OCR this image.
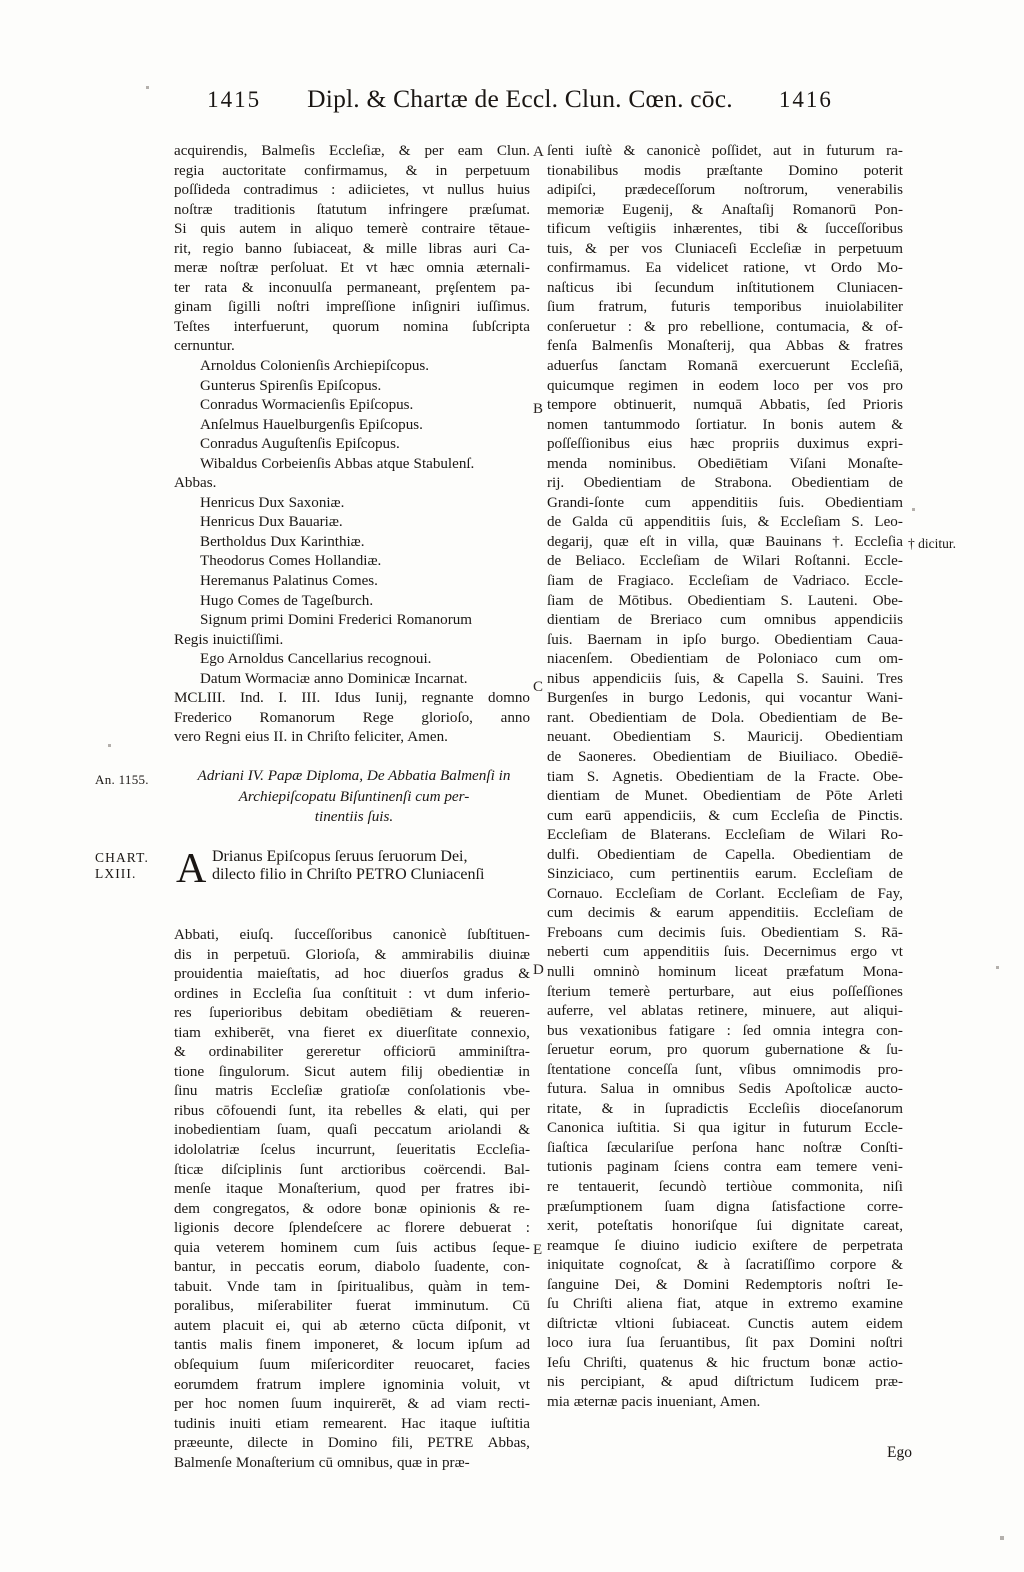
1415 Dipl. & Chartæ de Eccl. Clun. Cœn. cōc. 1416
An. 1155.
CHART.
LXIII.
† dicitur.
A
B
C
D
E

acquirendis, Balmeſis Eccleſiæ, & per eam Clun.
regia auctoritate confirmamus, & in perpetuum
poſſideda contradimus : adiicietes, vt nullus huius
noſtræ traditionis ſtatutum infringere præſumat.
Si quis autem in aliquo temerè contraire tētaue-
rit, regio banno ſubiaceat, & mille libras auri Ca-
meræ noſtræ perſoluat. Et vt hæc omnia æternali-
ter rata & inconuulſa permaneant, prȩſentem pa-
ginam ſigilli noſtri impreſſione inſigniri iuſſimus.
Teſtes interfuerunt, quorum nomina ſubſcripta
cernuntur.

Arnoldus Colonienſis Archiepiſcopus.
Gunterus Spirenſis Epiſcopus.
Conradus Wormacienſis Epiſcopus.
Anſelmus Hauelburgenſis Epiſcopus.
Conradus Auguſtenſis Epiſcopus.
Wibaldus Corbeienſis Abbas atque Stabulenſ.
Abbas.
Henricus Dux Saxoniæ.
Henricus Dux Bauariæ.
Bertholdus Dux Karinthiæ.
Theodorus Comes Hollandiæ.
Heremanus Palatinus Comes.
Hugo Comes de Tageſburch.
Signum primi Domini Frederici Romanorum
Regis inuictiſſimi.
Ego Arnoldus Cancellarius recognoui.
Datum Wormaciæ anno Dominicæ Incarnat.

MCLIII. Ind. I. III. Idus Iunij, regnante domno
Frederico Romanorum Rege glorioſo, anno
vero Regni eius II. in Chriſto feliciter, Amen.

Adriani IV. Papæ Diploma, De Abbatia Balmenſi in
Archiepiſcopatu Biſuntinenſi cum per-
tinentiis ſuis.
A Drianus Epiſcopus ſeruus ſeruorum Dei,
dilecto filio in Chriſto PETRO Cluniacenſi

Abbati, eiuſq. ſucceſſoribus canonicè ſubſtituen-
dis in perpetuū. Glorioſa, & ammirabilis diuinæ
prouidentia maieſtatis, ad hoc diuerſos gradus &
ordines in Eccleſia ſua conſtituit : vt dum inferio-
res ſuperioribus debitam obediētiam & reueren-
tiam exhiberēt, vna fieret ex diuerſitate connexio,
& ordinabiliter gereretur officiorū amminiſtra-
tione ſingulorum. Sicut autem filij obedientiæ in
ſinu matris Eccleſiæ gratioſæ conſolationis vbe-
ribus cōfouendi ſunt, ita rebelles & elati, qui per
inobedientiam ſuam, quaſi peccatum ariolandi &
idololatriæ ſcelus incurrunt, ſeueritatis Eccleſia-
ſticæ diſciplinis ſunt arctioribus coërcendi. Bal-
menſe itaque Monaſterium, quod per fratres ibi-
dem congregatos, & odore bonæ opinionis & re-
ligionis decore ſplendeſcere ac florere debuerat :
quia veterem hominem cum ſuis actibus ſeque-
bantur, in peccatis eorum, diabolo ſuadente, con-
tabuit. Vnde tam in ſpiritualibus, quàm in tem-
poralibus, miſerabiliter fuerat imminutum. Cū
autem placuit ei, qui ab æterno cūcta diſponit, vt
tantis malis finem imponeret, & locum ipſum ad
obſequium ſuum miſericorditer reuocaret, facies
eorumdem fratrum implere ignominia voluit, vt
per hoc nomen ſuum inquirerēt, & ad viam recti-
tudinis inuiti etiam remearent. Hac itaque iuſtitia
præeunte, dilecte in Domino fili, PETRE Abbas,
Balmenſe Monaſterium cū omnibus, quæ in præ-

ſenti iuſtè & canonicè poſſidet, aut in futurum ra-
tionabilibus modis præſtante Domino poterit
adipiſci, prædeceſſorum noſtrorum, venerabilis
memoriæ Eugenij, & Anaſtaſij Romanorū Pon-
tificum veſtigiis inhærentes, tibi & ſucceſſoribus
tuis, & per vos Cluniaceſi Eccleſiæ in perpetuum
confirmamus. Ea videlicet ratione, vt Ordo Mo-
naſticus ibi ſecundum inſtitutionem Cluniacen-
ſium fratrum, futuris temporibus inuiolabiliter
conſeruetur : & pro rebellione, contumacia, & of-
fenſa Balmenſis Monaſterij, qua Abbas & fratres
aduerſus ſanctam Romanā exercuerunt Eccleſiā,
quicumque regimen in eodem loco per vos pro
tempore obtinuerit, numquā Abbatis, ſed Prioris
nomen tantummodo ſortiatur. In bonis autem &
poſſeſſionibus eius hæc propriis duximus expri-
menda nominibus. Obediētiam Viſani Monaſte-
rij. Obedientiam de Strabona. Obedientiam de
Grandi-ſonte cum appenditiis ſuis. Obedientiam
de Galda cū appenditiis ſuis, & Eccleſiam S. Leo-
degarij, quæ eſt in villa, quæ Bauinans †. Eccleſia
de Beliaco. Eccleſiam de Wilari Roſtanni. Eccle-
ſiam de Fragiaco. Eccleſiam de Vadriaco. Eccle-
ſiam de Mōtibus. Obedientiam S. Lauteni. Obe-
dientiam de Breriaco cum omnibus appendiciis
ſuis. Baernam in ipſo burgo. Obedientiam Caua-
niacenſem. Obedientiam de Poloniaco cum om-
nibus appendiciis ſuis, & Capella S. Sauini. Tres
Burgenſes in burgo Ledonis, qui vocantur Wani-
rant. Obedientiam de Dola. Obedientiam de Be-
neuant. Obedientiam S. Mauricij. Obedientiam
de Saoneres. Obedientiam de Biuiliaco. Obediē-
tiam S. Agnetis. Obedientiam de la Fracte. Obe-
dientiam de Munet. Obedientiam de Pōte Arleti
cum earū appendiciis, & cum Eccleſia de Pinctis.
Eccleſiam de Blaterans. Eccleſiam de Wilari Ro-
dulfi. Obedientiam de Capella. Obedientiam de
Sinziciaco, cum pertinentiis earum. Eccleſiam de
Cornauo. Eccleſiam de Corlant. Eccleſiam de Fay,
cum decimis & earum appenditiis. Eccleſiam de
Freboans cum decimis ſuis. Obedientiam S. Rā-
neberti cum appenditiis ſuis. Decernimus ergo vt
nulli omninò hominum liceat præfatum Mona-
ſterium temerè perturbare, aut eius poſſeſſiones
auferre, vel ablatas retinere, minuere, aut aliqui-
bus vexationibus fatigare : ſed omnia integra con-
ſeruetur eorum, pro quorum gubernatione & ſu-
ſtentatione conceſſa ſunt, vſibus omnimodis pro-
futura. Salua in omnibus Sedis Apoſtolicæ aucto-
ritate, & in ſupradictis Eccleſiis dioceſanorum
Canonica iuſtitia. Si qua igitur in futurum Eccle-
ſiaſtica ſæculariſue perſona hanc noſtræ Conſti-
tutionis paginam ſciens contra eam temere veni-
re tentauerit, ſecundò tertiòue commonita, niſi
præſumptionem ſuam digna ſatisfactione corre-
xerit, poteſtatis honoriſque ſui dignitate careat,
reamque ſe diuino iudicio exiſtere de perpetrata
iniquitate cognoſcat, & à ſacratiſſimo corpore &
ſanguine Dei, & Domini Redemptoris noſtri Ie-
ſu Chriſti aliena fiat, atque in extremo examine
diſtrictæ vltioni ſubiaceat. Cunctis autem eidem
loco iura ſua ſeruantibus, ſit pax Domini noſtri
Ieſu Chriſti, quatenus & hic fructum bonæ actio-
nis percipiant, & apud diſtrictum Iudicem præ-
mia æternæ pacis inueniant, Amen.

Ego
